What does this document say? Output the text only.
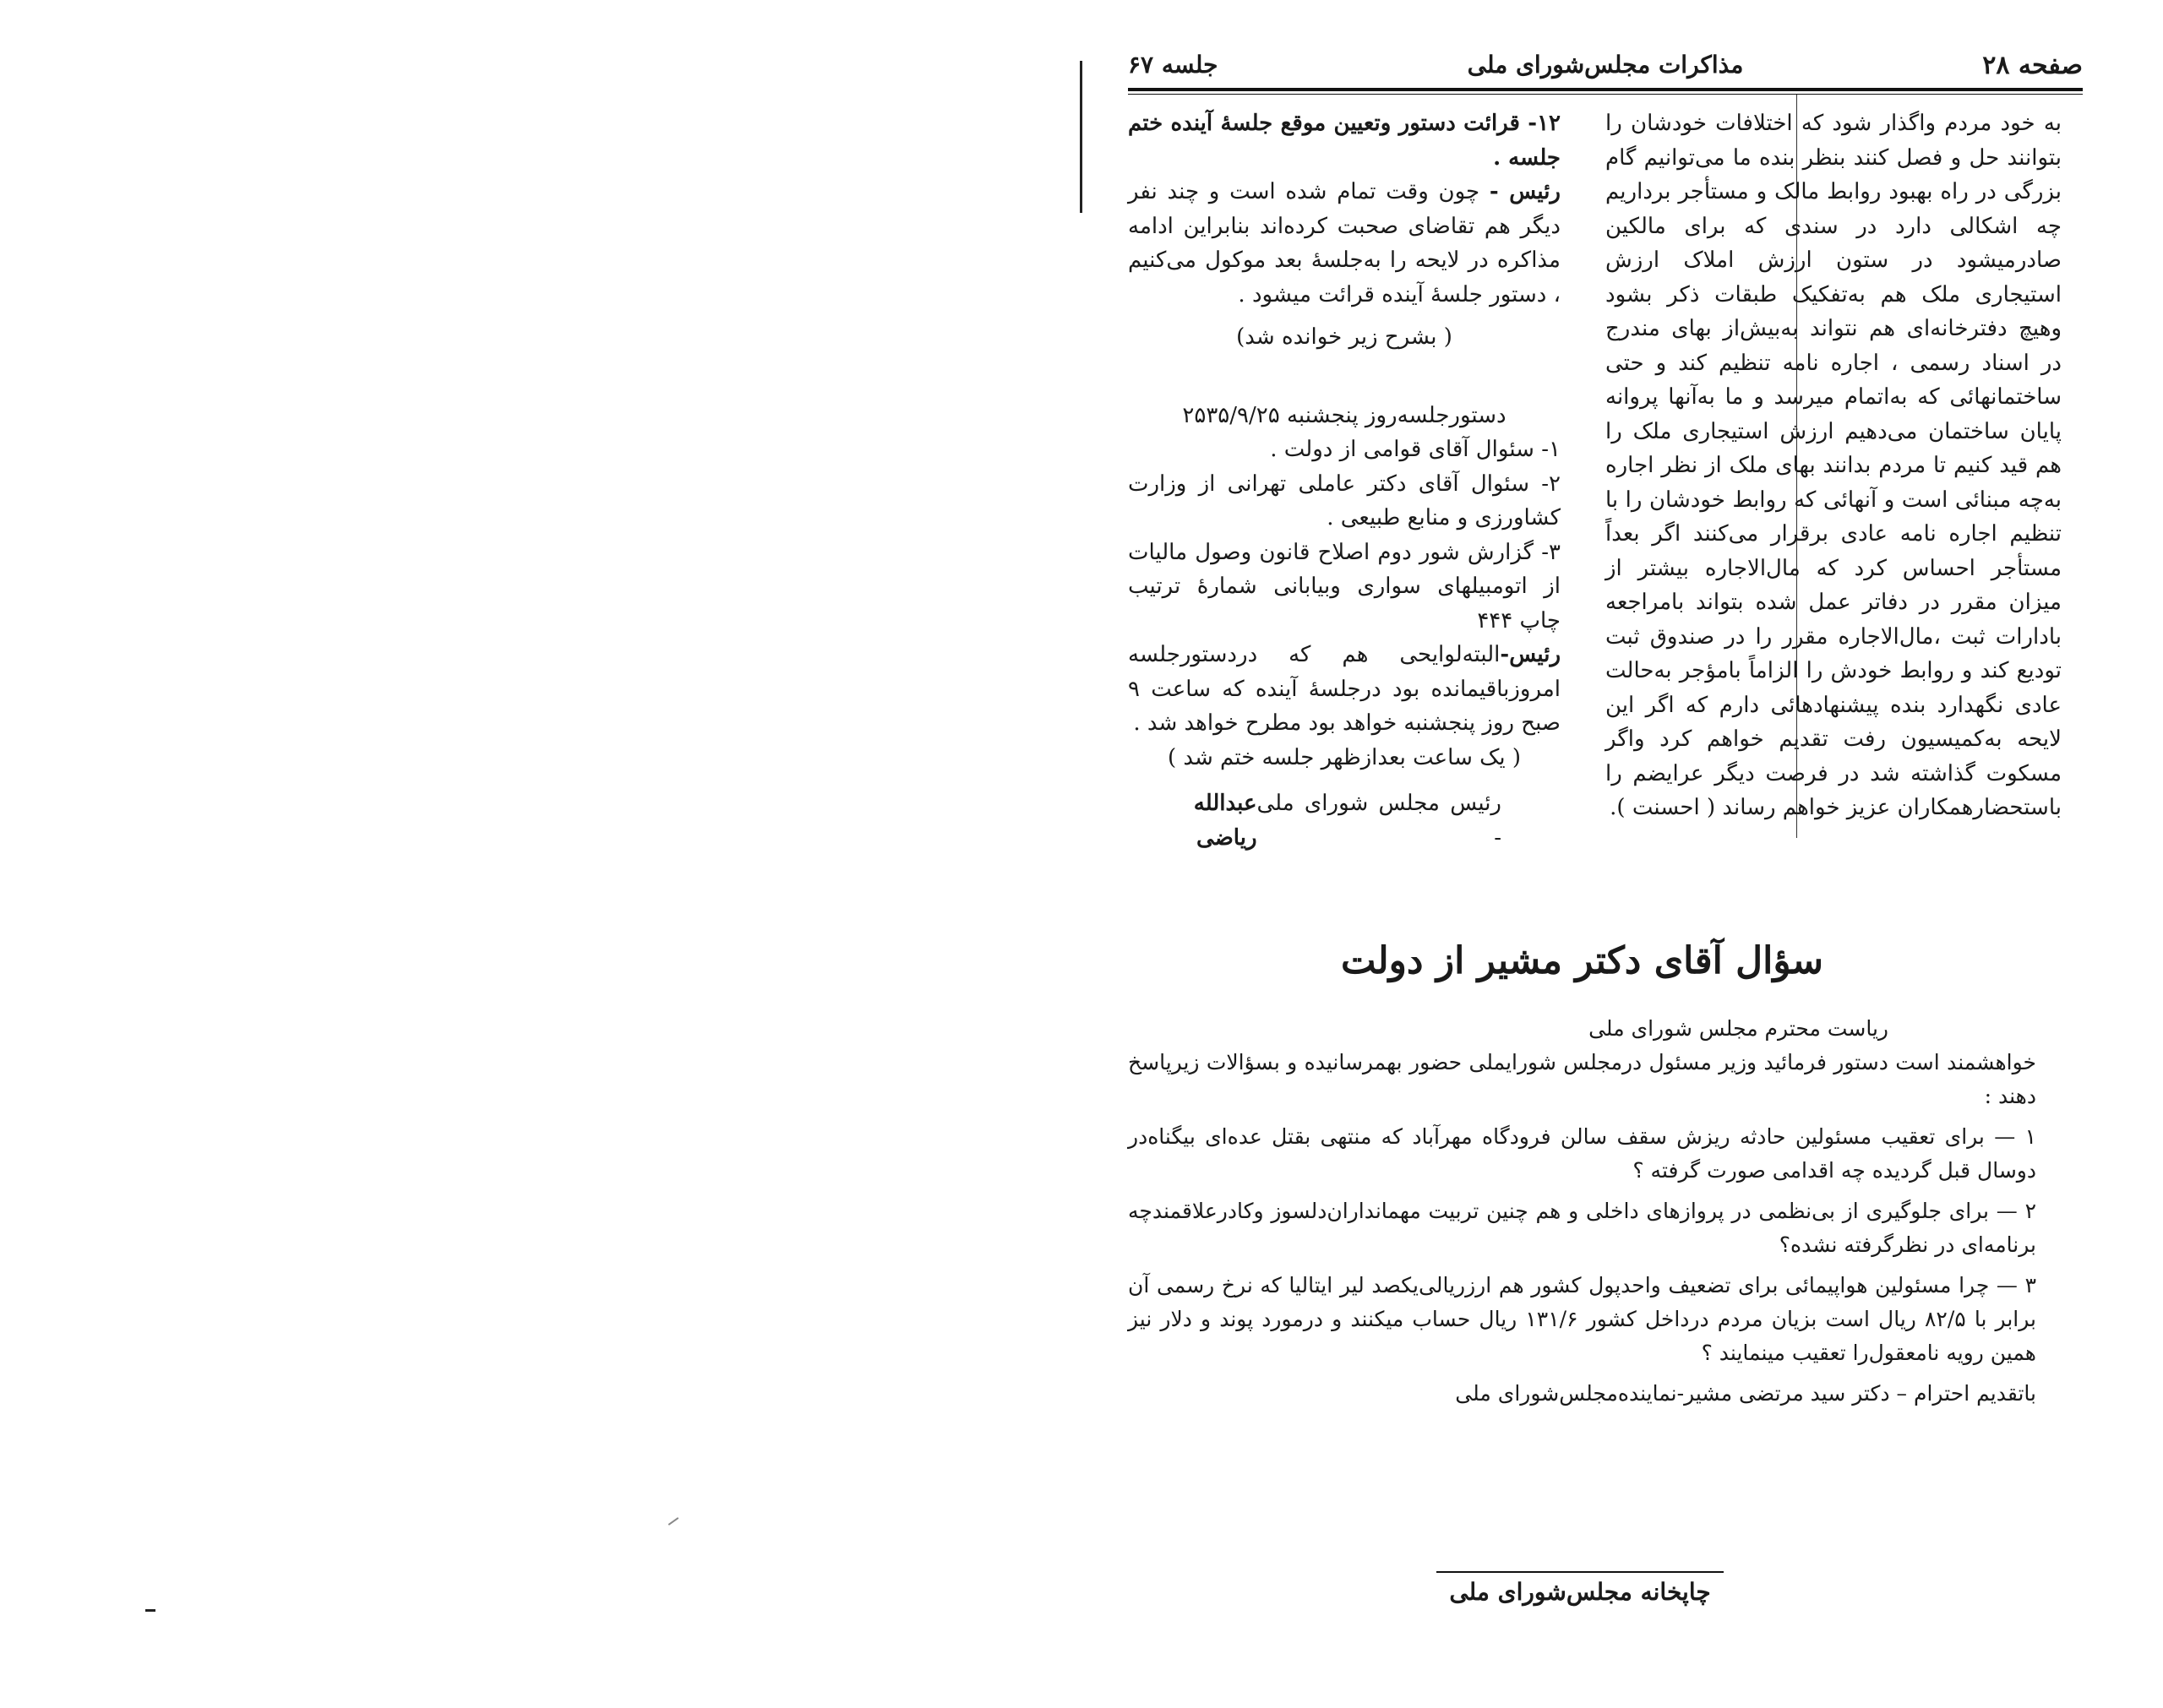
صفحه ۲۸
مذاکرات مجلس‌شورای ملی
جلسه ۶۷

به خود مردم واگذار شود که اختلافات خودشان را بتوانند حل و فصل کنند بنظر بنده ما می‌توانیم گام بزرگی در راه بهبود روابط مالک و مستأجر برداریم چه اشکالی دارد در سندی که برای مالکین صادرمیشود در ستون ارزش املاک ارزش استیجاری ملک هم به‌تفکیک طبقات ذکر بشود وهیچ دفترخانه‌ای هم نتواند به‌بیش‌از بهای مندرج در اسناد رسمی ، اجاره نامه تنظیم کند و حتی ساختمانهائی که به‌اتمام میرسد و ما به‌آنها پروانه پایان ساختمان می‌دهیم ارزش استیجاری ملک را هم قید کنیم تا مردم بدانند بهای ملک از نظر اجاره به‌چه مبنائی است و آنهائی که روابط خودشان را با تنظیم اجاره نامه عادی برقرار می‌کنند اگر بعداً مستأجر احساس کرد که مال‌الاجاره بیشتر از میزان مقرر در دفاتر عمل شده بتواند بامراجعه بادارات ثبت ،مال‌الاجاره مقرر را در صندوق ثبت تودیع کند و روابط خودش را الزاماً بامؤجر به‌حالت عادی نگهدارد بنده پیشنهادهائی دارم که اگر این لایحه به‌کمیسیون رفت تقدیم خواهم کرد واگر مسکوت گذاشته شد در فرصت دیگر عرایضم را باستحضارهمکاران عزیز خواهم رساند ( احسنت ).

۱۲- قرائت دستور وتعیین موقع جلسهٔ آینده ختم جلسه .

رئیس - چون وقت تمام شده است و چند نفر دیگر هم تقاضای صحبت کرده‌اند بنابراین ادامه مذاکره در لایحه را به‌جلسهٔ بعد موکول می‌کنیم ، دستور جلسهٔ آینده قرائت میشود .

( بشرح زیر خوانده شد)

دستورجلسه‌روز پنجشنبه ۲۵۳۵/۹/۲۵

۱- سئوال آقای قوامی از دولت .

۲- سئوال آقای دکتر عاملی تهرانی از وزارت کشاورزی و منابع طبیعی .

۳- گزارش شور دوم اصلاح قانون وصول مالیات از اتومبیلهای سواری وبیابانی شمارهٔ ترتیب چاپ ۴۴۴

رئیس-البته‌لوایحی هم که دردستورجلسه امروزباقیمانده بود درجلسهٔ آینده که ساعت ۹ صبح روز پنجشنبه خواهد بود مطرح خواهد شد .

( یک ساعت بعدازظهر جلسه ختم شد )

رئیس مجلس شورای ملی -
عبدالله ریاضی
سؤال آقای دکتر مشیر از دولت

ریاست محترم مجلس شورای ملی

خواهشمند است دستور فرمائید وزیر مسئول درمجلس شورایملی حضور بهمرسانیده و بسؤالات زیرپاسخ دهند :

۱ — برای تعقیب مسئولین حادثه ریزش سقف سالن فرودگاه مهرآباد که منتهی بقتل عده‌ای بیگناه‌در دوسال قبل گردیده چه اقدامی صورت گرفته ؟

۲ — برای جلوگیری از بی‌نظمی در پروازهای داخلی و هم چنین تربیت مهمانداران‌دلسوز وکادرعلاقمندچه برنامه‌ای در نظرگرفته نشده؟

۳ — چرا مسئولین هواپیمائی برای تضعیف واحدپول کشور هم ارزریالی‌یکصد لیر ایتالیا که نرخ رسمی آن برابر با ۸۲/۵ ریال است بزیان مردم درداخل کشور ۱۳۱/۶ ریال حساب میکنند و درمورد پوند و دلار نیز همین رویه نامعقول‌را تعقیب مینمایند ؟

باتقدیم احترام – دکتر سید مرتضی مشیر-نماینده‌مجلس‌شورای ملی

چاپخانه مجلس‌شورای ملی
